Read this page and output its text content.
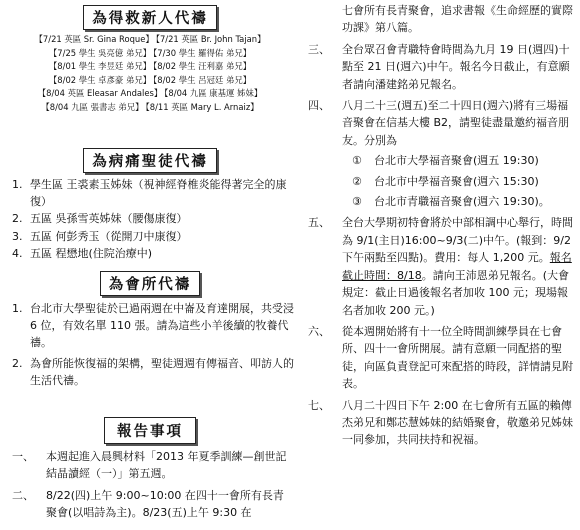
為得救新人代禱
【7/21 英區 Sr. Gina Roque】 【7/21 英區 Br. John Tajan】
【7/25 學生 吳亮億 弟兄】 【7/30 學生 羅得佑 弟兄】
【8/01 學生 李昱廷 弟兄】 【8/02 學生 汪利嘉 弟兄】
【8/02 學生 卓彥豪 弟兄】 【8/02 學生 呂冠廷 弟兄】
【8/04 英區 Eleasar Andales】 【8/04 九區 康基運 姊妹】
【8/04 九區 張書志 弟兄】 【8/11 英區 Mary L. Arnaiz】
為病痛聖徒代禱
1. 學生區 王裘素玉姊妹（視神經脊椎炎能得著完全的康復）
2. 五區 吳孫雪英姊妹（腰傷康復）
3. 五區 何彭秀玉（從開刀中康復）
4. 五區 程懋地(住院治療中)
為會所代禱
1. 台北市大學聖徒於已過兩週在中崙及育達開展，共受浸 6 位，有效名單 110 張。請為這些小羊後續的牧養代禱。
2. 為會所能恢復福的架構，聖徒週週有傳福音、叩訪人的生活代禱。
報告事項
一、	本週起進入晨興材料「2013 年夏季訓練—創世記結晶讀經（一）」第五週。
二、	8/22(四)上午 9:00~10:00 在四十一會所有長青聚會(以唱詩為主)。8/23(五)上午 9:30 在
七會所有長青聚會，追求書報《生命經歷的實際功課》第八篇。
三、	全台眾召會青職特會時間為九月 19 日(週四)十點至 21 日(週六)中午。報名今日截止，有意願者請向潘建銘弟兄報名。
四、	八月二十三(週五)至二十四日(週六)將有三場福音聚會在信基大樓 B2，請聖徒盡量邀約福音朋友。分別為
①	台北市大學福音聚會(週五 19:30)
②	台北市中學福音聚會(週六 15:30)
③	台北市青職福音聚會(週六 19:30)。
五、	全台大學期初特會將於中部相調中心舉行，時間為 9/1(主日)16:00~9/3(二)中午。(報到：9/2 下午兩點至四點)。費用：每人 1,200 元。報名截止時間：8/18。請向王沛恩弟兄報名。(大會規定：截止日過後報名者加收 100 元；現場報名者加收 200 元。)
六、	從本週開始將有十一位全時間訓練學員在七會所、四十一會所開展。請有意願一同配搭的聖徒，向區負責登記可來配搭的時段，詳情請見附表。
七、	八月二十四日下午 2:00 在七會所有五區的賴傳杰弟兄和鄭芯慧姊妹的結婚聚會，敬邀弟兄姊妹一同參加，共同扶持和祝福。
